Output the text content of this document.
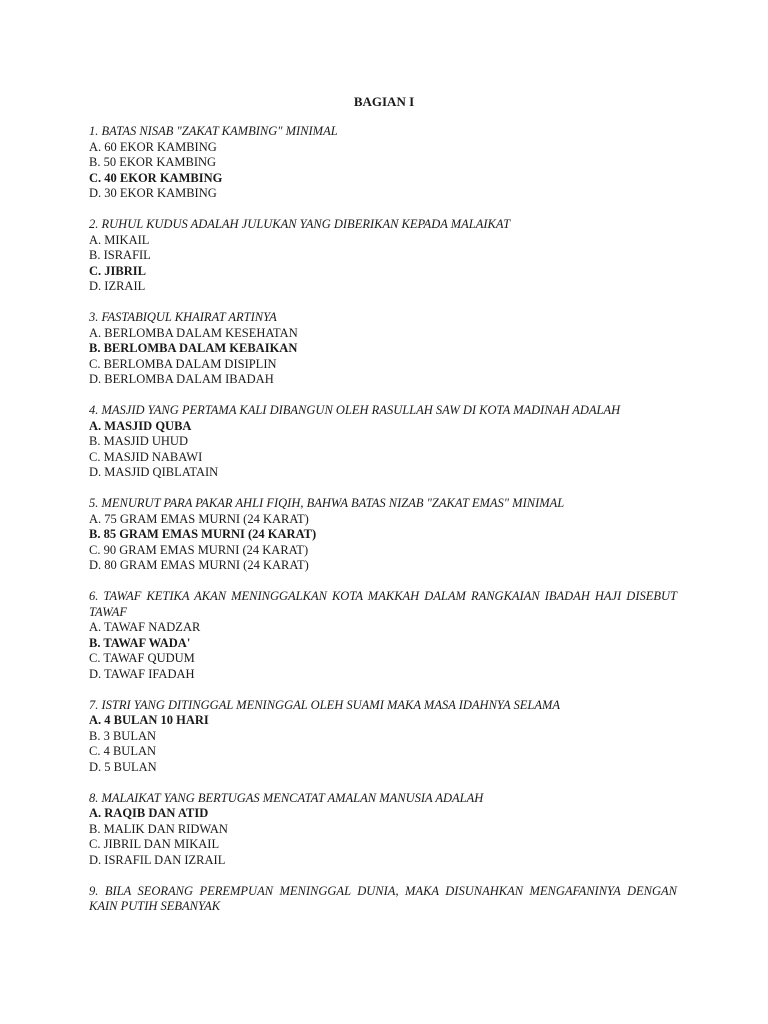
BAGIAN I
1. BATAS NISAB "ZAKAT KAMBING" MINIMAL
A. 60 EKOR KAMBING
B. 50 EKOR KAMBING
C. 40 EKOR KAMBING
D. 30 EKOR KAMBING
2. RUHUL KUDUS ADALAH JULUKAN YANG DIBERIKAN KEPADA MALAIKAT
A. MIKAIL
B. ISRAFIL
C. JIBRIL
D. IZRAIL
3. FASTABIQUL KHAIRAT ARTINYA
A. BERLOMBA DALAM KESEHATAN
B. BERLOMBA DALAM KEBAIKAN
C. BERLOMBA DALAM DISIPLIN
D. BERLOMBA DALAM IBADAH
4. MASJID YANG PERTAMA KALI DIBANGUN OLEH RASULLAH SAW DI KOTA MADINAH ADALAH
A. MASJID QUBA
B. MASJID UHUD
C. MASJID NABAWI
D. MASJID QIBLATAIN
5. MENURUT PARA PAKAR AHLI FIQIH, BAHWA BATAS NIZAB "ZAKAT EMAS" MINIMAL
A. 75 GRAM EMAS MURNI (24 KARAT)
B. 85 GRAM EMAS MURNI (24 KARAT)
C. 90 GRAM EMAS MURNI (24 KARAT)
D. 80 GRAM EMAS MURNI (24 KARAT)
6. TAWAF KETIKA AKAN MENINGGALKAN KOTA MAKKAH DALAM RANGKAIAN IBADAH HAJI DISEBUT TAWAF
A. TAWAF NADZAR
B. TAWAF WADA'
C. TAWAF QUDUM
D. TAWAF IFADAH
7. ISTRI YANG DITINGGAL MENINGGAL OLEH SUAMI MAKA MASA IDAHNYA SELAMA
A. 4 BULAN 10 HARI
B. 3 BULAN
C. 4 BULAN
D. 5 BULAN
8. MALAIKAT YANG BERTUGAS MENCATAT AMALAN MANUSIA ADALAH
A. RAQIB DAN ATID
B. MALIK DAN RIDWAN
C. JIBRIL DAN MIKAIL
D. ISRAFIL DAN IZRAIL
9. BILA SEORANG PEREMPUAN MENINGGAL DUNIA, MAKA DISUNAHKAN MENGAFANINYA DENGAN KAIN PUTIH SEBANYAK
